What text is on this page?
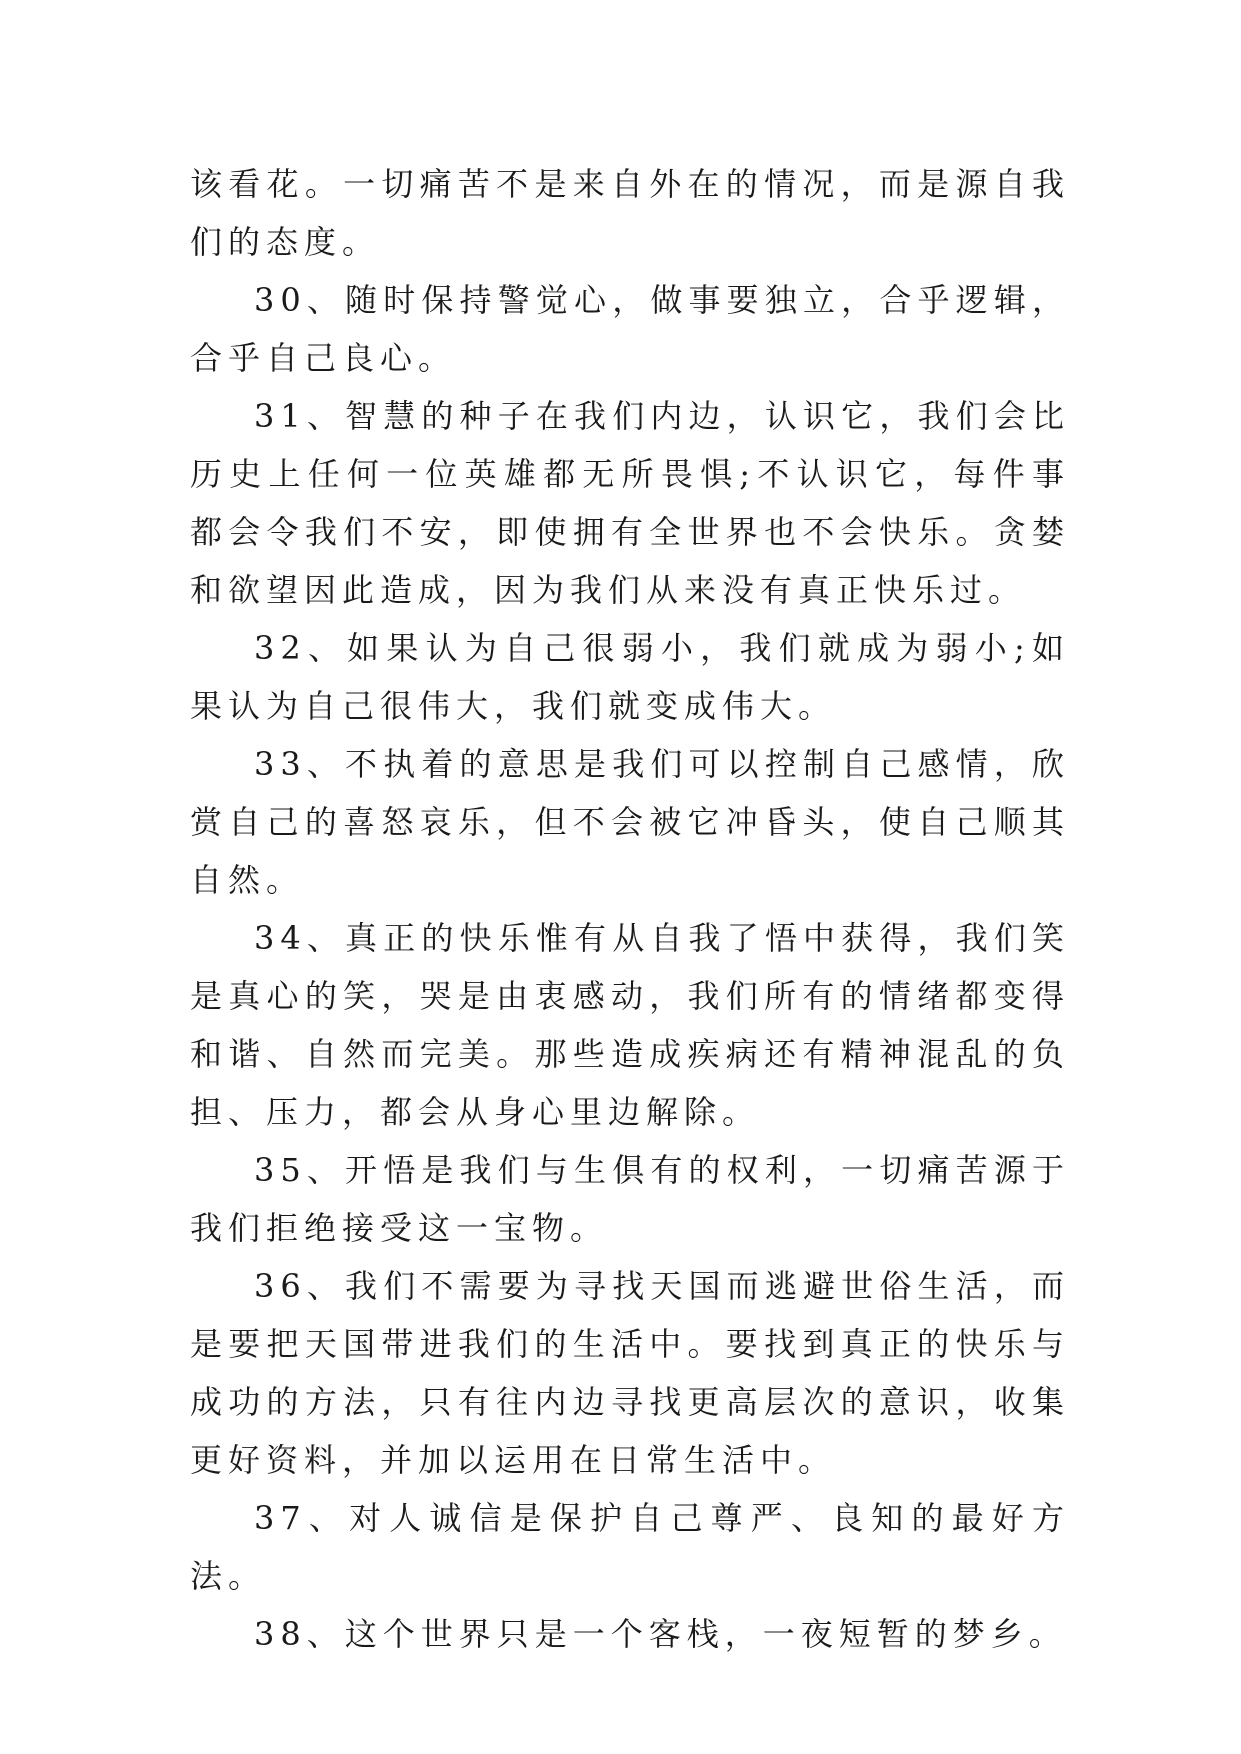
该看花。一切痛苦不是来自外在的情况，而是源自我们的态度。

30、随时保持警觉心，做事要独立，合乎逻辑，合乎自己良心。

31、智慧的种子在我们内边，认识它，我们会比历史上任何一位英雄都无所畏惧;不认识它，每件事都会令我们不安，即使拥有全世界也不会快乐。贪婪和欲望因此造成，因为我们从来没有真正快乐过。

32、如果认为自己很弱小，我们就成为弱小;如果认为自己很伟大，我们就变成伟大。

33、不执着的意思是我们可以控制自己感情，欣赏自己的喜怒哀乐，但不会被它冲昏头，使自己顺其自然。

34、真正的快乐惟有从自我了悟中获得，我们笑是真心的笑，哭是由衷感动，我们所有的情绪都变得和谐、自然而完美。那些造成疾病还有精神混乱的负担、压力，都会从身心里边解除。

35、开悟是我们与生俱有的权利，一切痛苦源于我们拒绝接受这一宝物。

36、我们不需要为寻找天国而逃避世俗生活，而是要把天国带进我们的生活中。要找到真正的快乐与成功的方法，只有往内边寻找更高层次的意识，收集更好资料，并加以运用在日常生活中。

37、对人诚信是保护自己尊严、良知的最好方法。

38、这个世界只是一个客栈，一夜短暂的梦乡。
